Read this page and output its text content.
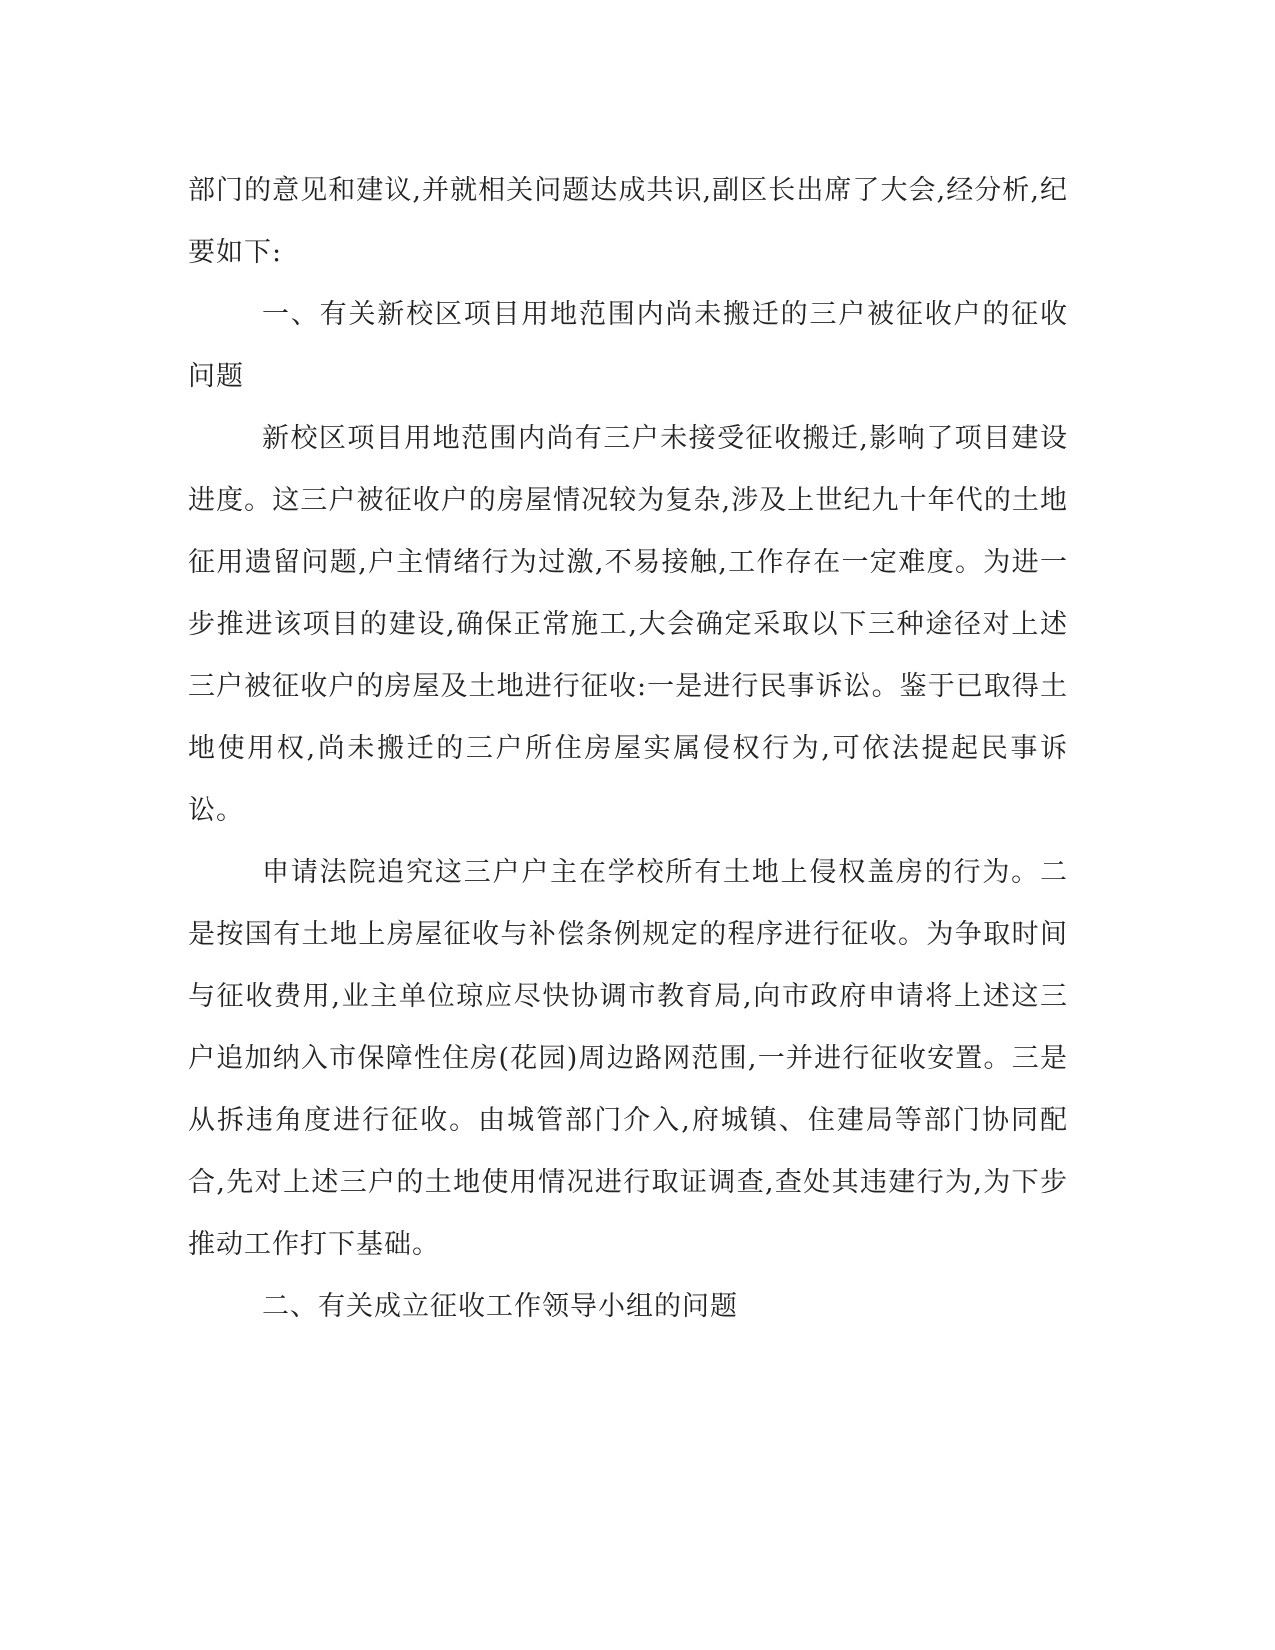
部门的意见和建议,并就相关问题达成共识,副区长出席了大会,经分析,纪要如下:

一、有关新校区项目用地范围内尚未搬迁的三户被征收户的征收问题

新校区项目用地范围内尚有三户未接受征收搬迁,影响了项目建设进度。这三户被征收户的房屋情况较为复杂,涉及上世纪九十年代的土地征用遗留问题,户主情绪行为过激,不易接触,工作存在一定难度。为进一步推进该项目的建设,确保正常施工,大会确定采取以下三种途径对上述三户被征收户的房屋及土地进行征收:一是进行民事诉讼。鉴于已取得土地使用权,尚未搬迁的三户所住房屋实属侵权行为,可依法提起民事诉讼。

申请法院追究这三户户主在学校所有土地上侵权盖房的行为。二是按国有土地上房屋征收与补偿条例规定的程序进行征收。为争取时间与征收费用,业主单位琼应尽快协调市教育局,向市政府申请将上述这三户追加纳入市保障性住房(花园)周边路网范围,一并进行征收安置。三是从拆违角度进行征收。由城管部门介入,府城镇、住建局等部门协同配合,先对上述三户的土地使用情况进行取证调查,查处其违建行为,为下步推动工作打下基础。

二、有关成立征收工作领导小组的问题
